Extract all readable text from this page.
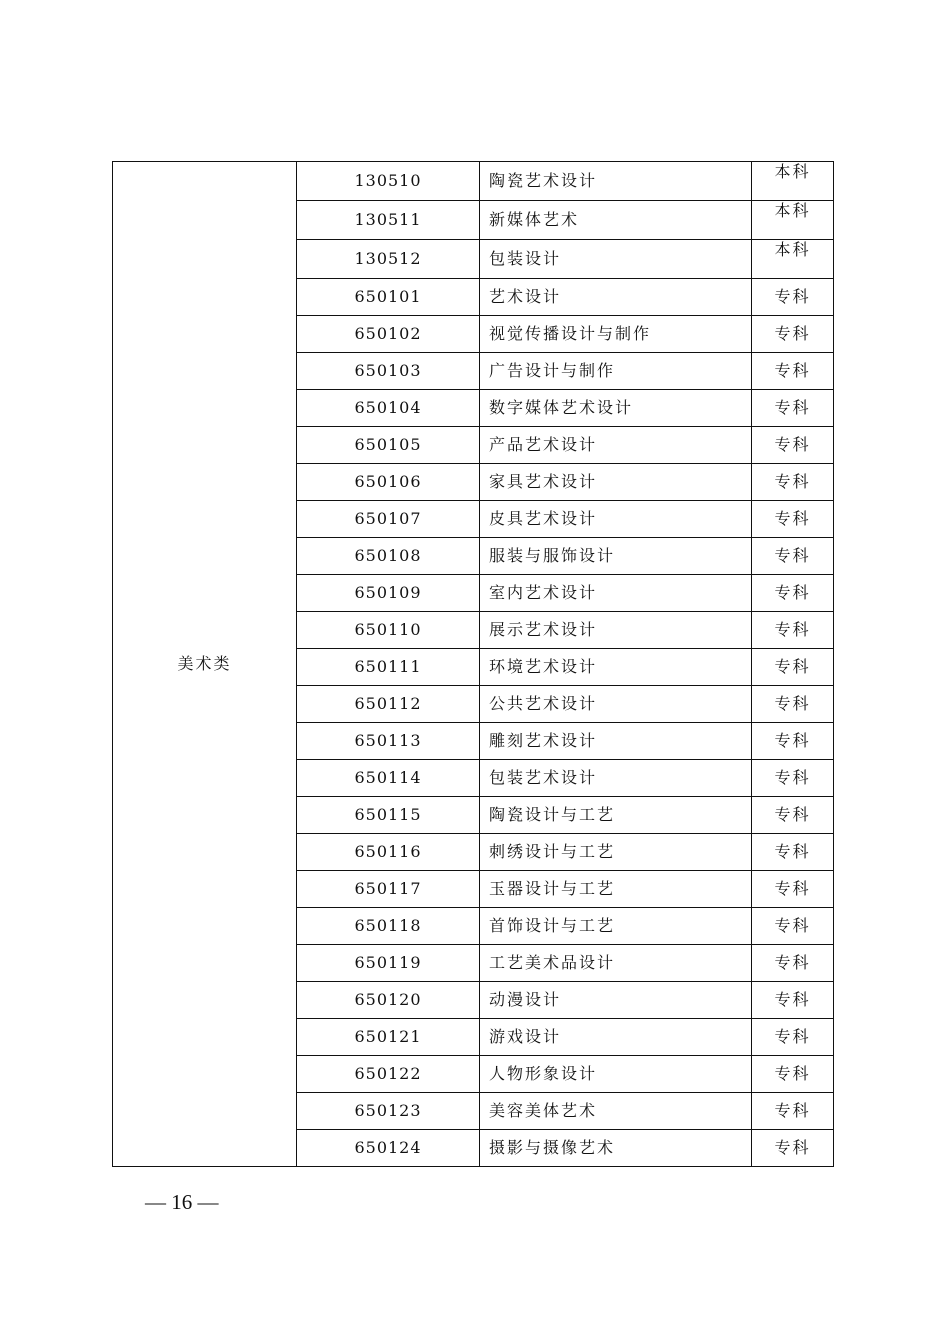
美术类	130510	陶瓷艺术设计	本科
	130511	新媒体艺术	本科
	130512	包装设计	本科
	650101	艺术设计	专科
	650102	视觉传播设计与制作	专科
	650103	广告设计与制作	专科
	650104	数字媒体艺术设计	专科
	650105	产品艺术设计	专科
	650106	家具艺术设计	专科
	650107	皮具艺术设计	专科
	650108	服装与服饰设计	专科
	650109	室内艺术设计	专科
	650110	展示艺术设计	专科
	650111	环境艺术设计	专科
	650112	公共艺术设计	专科
	650113	雕刻艺术设计	专科
	650114	包装艺术设计	专科
	650115	陶瓷设计与工艺	专科
	650116	刺绣设计与工艺	专科
	650117	玉器设计与工艺	专科
	650118	首饰设计与工艺	专科
	650119	工艺美术品设计	专科
	650120	动漫设计	专科
	650121	游戏设计	专科
	650122	人物形象设计	专科
	650123	美容美体艺术	专科
	650124	摄影与摄像艺术	专科
— 16 —
